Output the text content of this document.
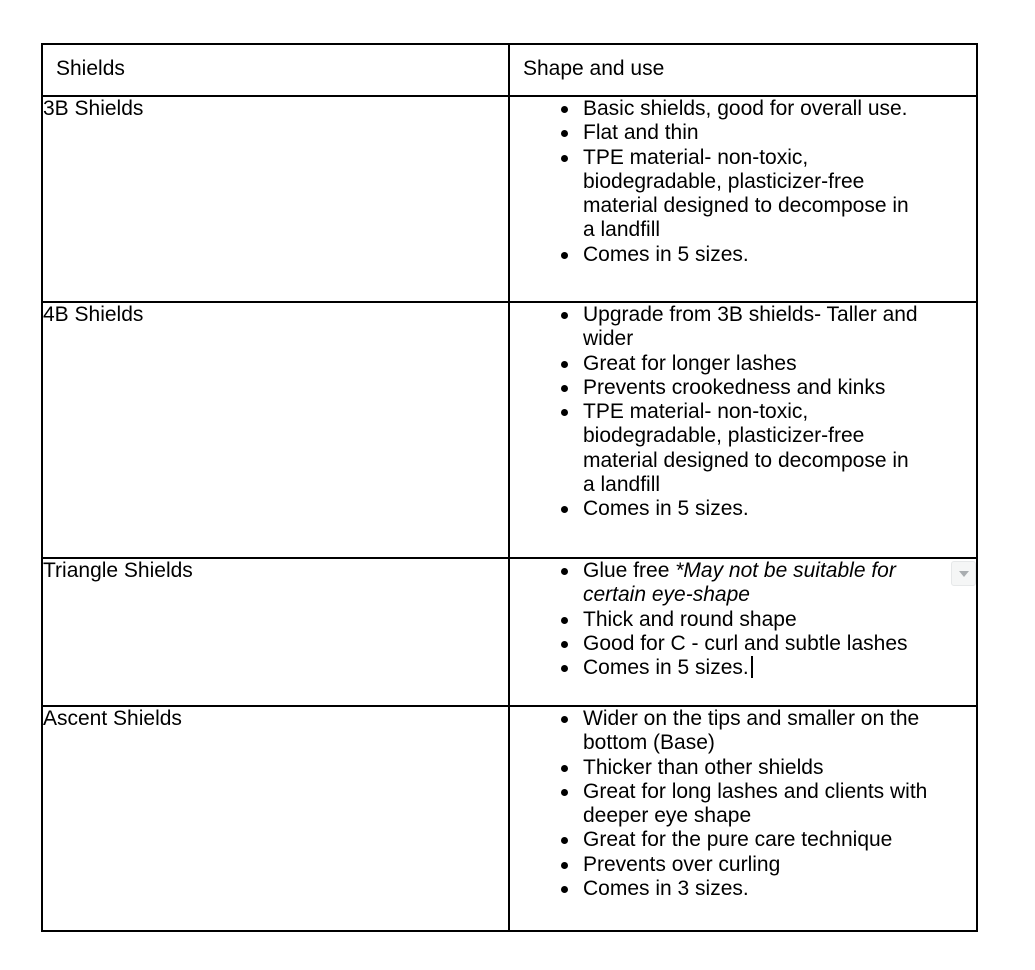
Shields	Shape and use
3B Shields	Basic shields, good for overall use.
Flat and thin
TPE material- non-toxic,
biodegradable, plasticizer-free
material designed to decompose in
a landfill
Comes in 5 sizes.

4B Shields	Upgrade from 3B shields- Taller and
wider
Great for longer lashes
Prevents crookedness and kinks
TPE material- non-toxic,
biodegradable, plasticizer-free
material designed to decompose in
a landfill
Comes in 5 sizes.

Triangle Shields	Glue free *May not be suitable for
certain eye-shape
Thick and round shape
Good for C - curl and subtle lashes
Comes in 5 sizes.

Ascent Shields	Wider on the tips and smaller on the
bottom (Base)
Thicker than other shields
Great for long lashes and clients with
deeper eye shape
Great for the pure care technique
Prevents over curling
Comes in 3 sizes.
